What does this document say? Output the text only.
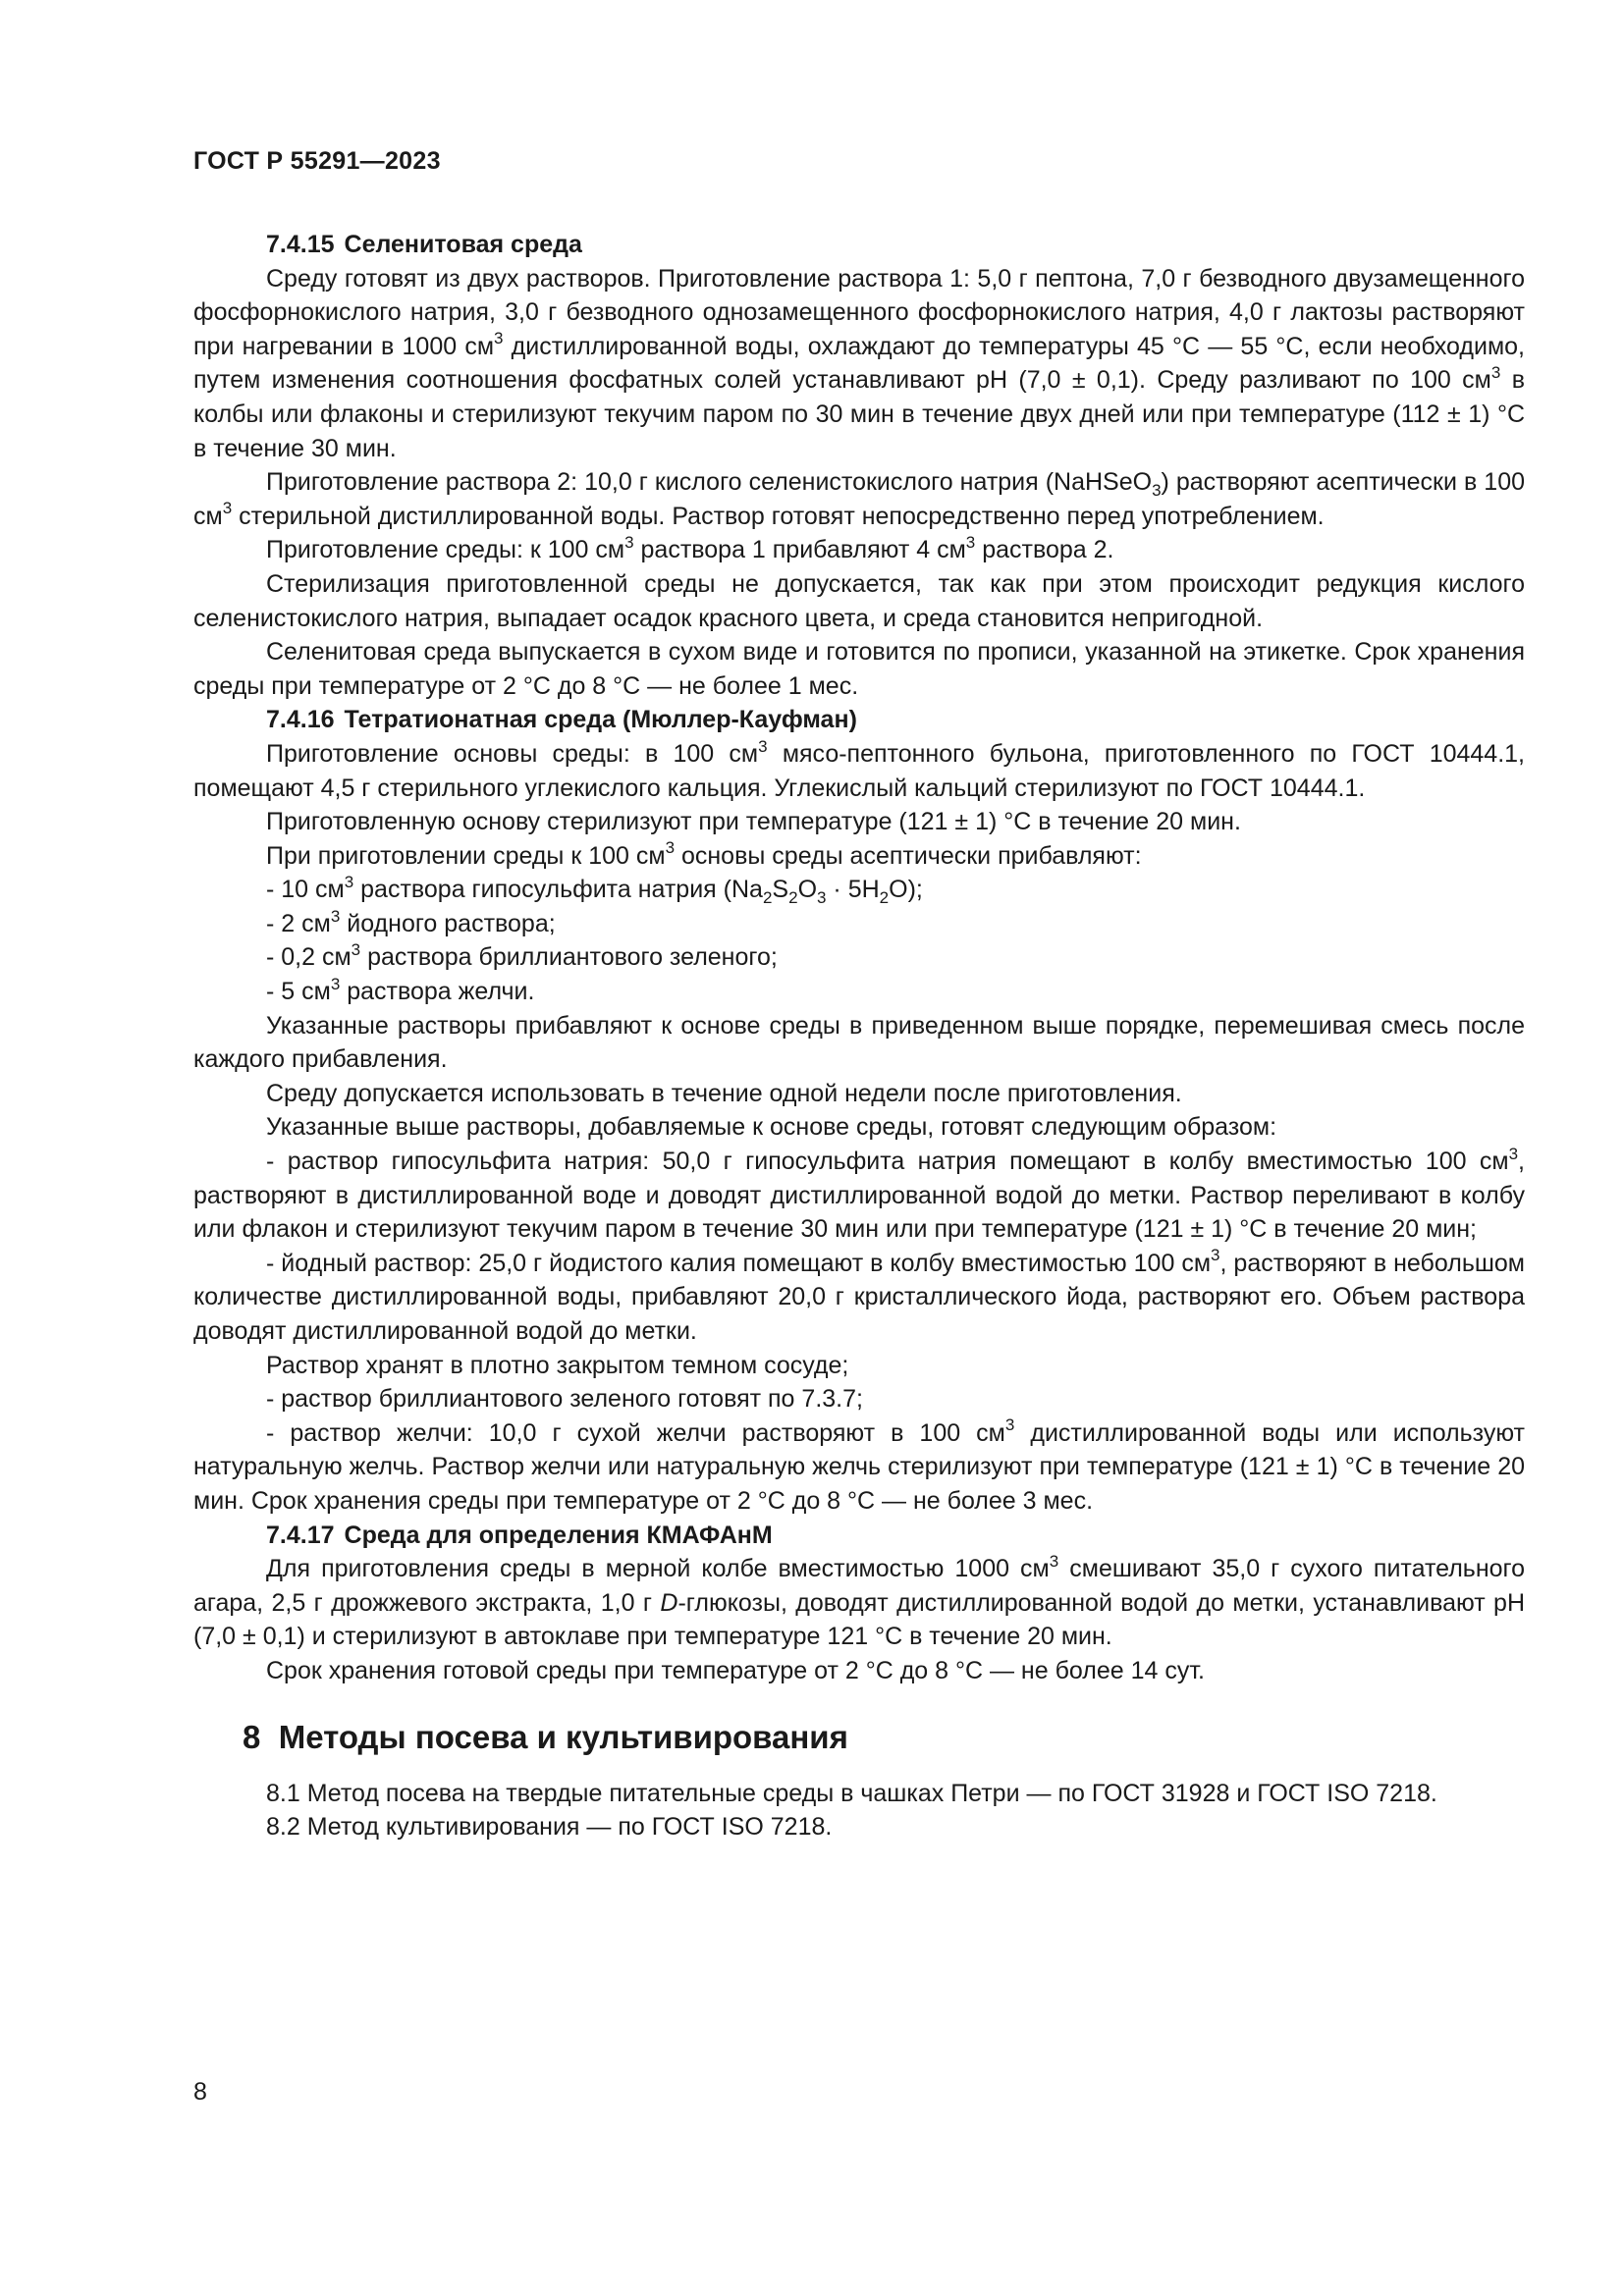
ГОСТ Р 55291—2023

7.4.15 Селенитовая среда

Среду готовят из двух растворов. Приготовление раствора 1: 5,0 г пептона, 7,0 г безводного двузамещенного фосфорнокислого натрия, 3,0 г безводного однозамещенного фосфорнокислого натрия, 4,0 г лактозы растворяют при нагревании в 1000 $см^3$ дистиллированной воды, охлаждают до температуры 45 °С — 55 °С, если необходимо, путем изменения соотношения фосфатных солей устанавливают pH (7,0 ± 0,1). Среду разливают по 100 $см^3$ в колбы или флаконы и стерилизуют текучим паром по 30 мин в течение двух дней или при температуре (112 ± 1) °С в течение 30 мин.

Приготовление раствора 2: 10,0 г кислого селенистокислого натрия (NaHSeO$_3$) растворяют асептически в 100 $см^3$ стерильной дистиллированной воды. Раствор готовят непосредственно перед употреблением.

Приготовление среды: к 100 $см^3$ раствора 1 прибавляют 4 $см^3$ раствора 2.

Стерилизация приготовленной среды не допускается, так как при этом происходит редукция кислого селенистокислого натрия, выпадает осадок красного цвета, и среда становится непригодной.

Селенитовая среда выпускается в сухом виде и готовится по прописи, указанной на этикетке. Срок хранения среды при температуре от 2 °С до 8 °С — не более 1 мес.

7.4.16 Тетратионатная среда (Мюллер-Кауфман)

Приготовление основы среды: в 100 $см^3$ мясо-пептонного бульона, приготовленного по ГОСТ 10444.1, помещают 4,5 г стерильного углекислого кальция. Углекислый кальций стерилизуют по ГОСТ 10444.1.

Приготовленную основу стерилизуют при температуре (121 ± 1) °С в течение 20 мин.

При приготовлении среды к 100 $см^3$ основы среды асептически прибавляют:

- 10 $см^3$ раствора гипосульфита натрия $(Na_2S_2O_3 \cdot 5H_2O)$;

- 2 $см^3$ йодного раствора;

- 0,2 $см^3$ раствора бриллиантового зеленого;

- 5 $см^3$ раствора желчи.

Указанные растворы прибавляют к основе среды в приведенном выше порядке, перемешивая смесь после каждого прибавления.

Среду допускается использовать в течение одной недели после приготовления.

Указанные выше растворы, добавляемые к основе среды, готовят следующим образом:

- раствор гипосульфита натрия: 50,0 г гипосульфита натрия помещают в колбу вместимостью 100 $см^3$, растворяют в дистиллированной воде и доводят дистиллированной водой до метки. Раствор переливают в колбу или флакон и стерилизуют текучим паром в течение 30 мин или при температуре (121 ± 1) °С в течение 20 мин;

- йодный раствор: 25,0 г йодистого калия помещают в колбу вместимостью 100 $см^3$, растворяют в небольшом количестве дистиллированной воды, прибавляют 20,0 г кристаллического йода, растворяют его. Объем раствора доводят дистиллированной водой до метки.

Раствор хранят в плотно закрытом темном сосуде;

- раствор бриллиантового зеленого готовят по 7.3.7;

- раствор желчи: 10,0 г сухой желчи растворяют в 100 $см^3$ дистиллированной воды или используют натуральную желчь. Раствор желчи или натуральную желчь стерилизуют при температуре (121 ± 1) °С в течение 20 мин. Срок хранения среды при температуре от 2 °С до 8 °С — не более 3 мес.

7.4.17 Среда для определения КМАФАнМ

Для приготовления среды в мерной колбе вместимостью 1000 $см^3$ смешивают 35,0 г сухого питательного агара, 2,5 г дрожжевого экстракта, 1,0 г D-глюкозы, доводят дистиллированной водой до метки, устанавливают pH (7,0 ± 0,1) и стерилизуют в автоклаве при температуре 121 °С в течение 20 мин.

Срок хранения готовой среды при температуре от 2 °С до 8 °С — не более 14 сут.

8 Методы посева и культивирования

8.1 Метод посева на твердые питательные среды в чашках Петри — по ГОСТ 31928 и ГОСТ ISO 7218.

8.2 Метод культивирования — по ГОСТ ISO 7218.

8
